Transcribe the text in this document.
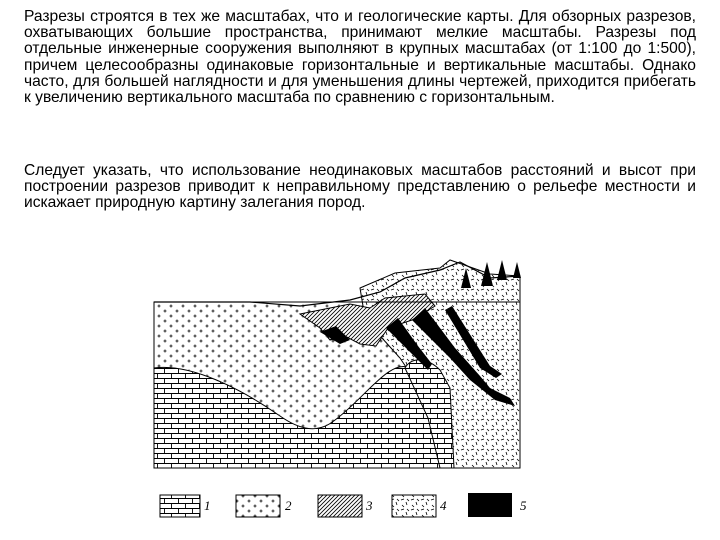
Разрезы строятся в тех же масштабах, что и геологические карты. Для обзорных разрезов, охватывающих большие пространства, принимают мелкие масштабы. Разрезы под отдельные инженерные сооружения выполняют в крупных масштабах (от 1:100 до 1:500), причем целесообразны одинаковые горизонтальные и вертикальные масштабы. Однако часто, для большей наглядности и для уменьшения длины чертежей, приходится прибегать к увеличению вертикального масштаба по сравнению с горизонтальным.

Следует указать, что использование неодинаковых масштабов расстояний и высот при построении разрезов приводит к неправильному представлению о рельефе местности и искажает природную картину залегания пород.

1	2	3	4	5
